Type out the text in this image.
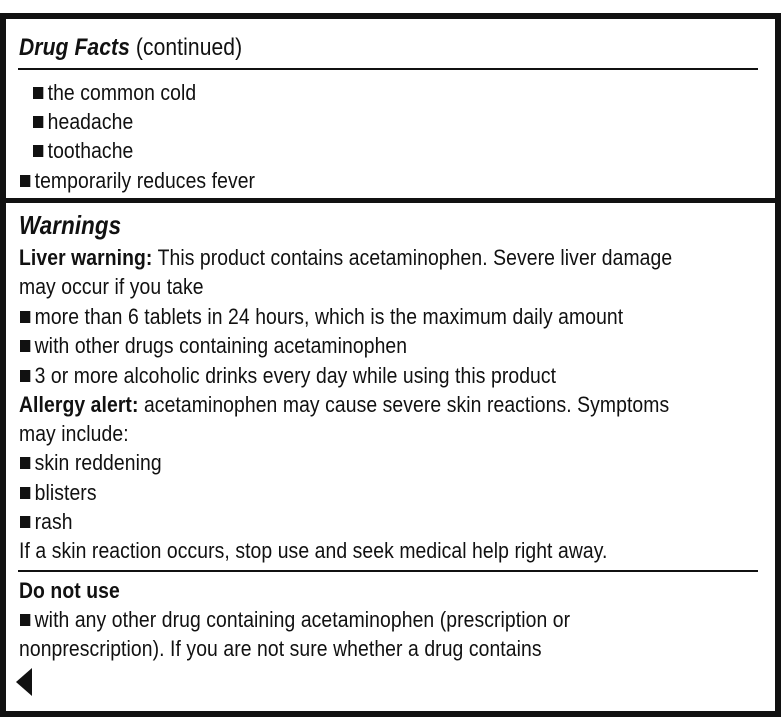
Drug Facts (continued)
the common cold
headache
toothache
temporarily reduces fever
Warnings
Liver warning: This product contains acetaminophen. Severe liver damage
may occur if you take
more than 6 tablets in 24 hours, which is the maximum daily amount
with other drugs containing acetaminophen
3 or more alcoholic drinks every day while using this product
Allergy alert: acetaminophen may cause severe skin reactions. Symptoms
may include:
skin reddening
blisters
rash
If a skin reaction occurs, stop use and seek medical help right away.
Do not use
with any other drug containing acetaminophen (prescription or
nonprescription). If you are not sure whether a drug contains
